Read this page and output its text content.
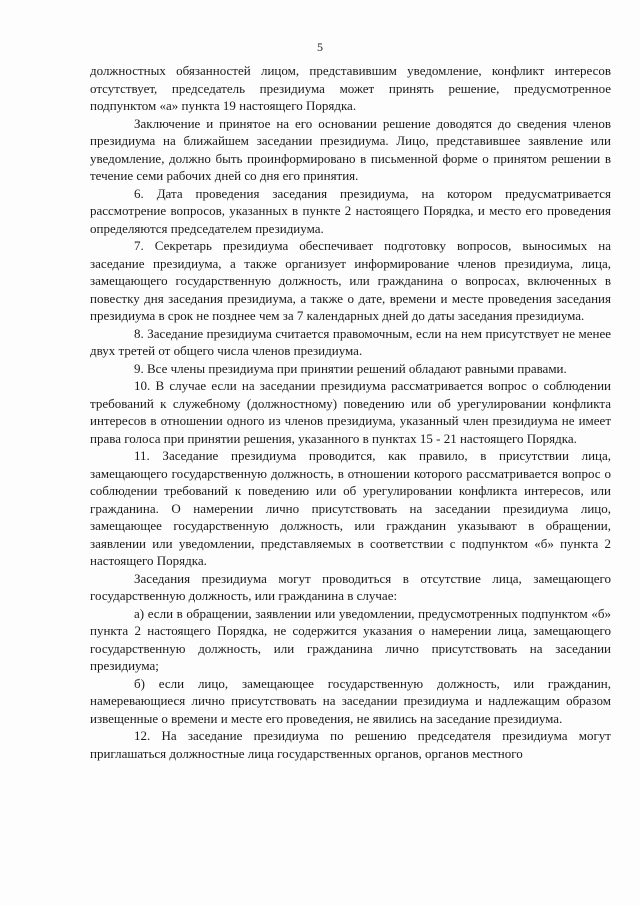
5

должностных обязанностей лицом, представившим уведомление, конфликт интересов отсутствует, председатель президиума может принять решение, предусмотренное подпунктом «а» пункта 19 настоящего Порядка.

Заключение и принятое на его основании решение доводятся до сведения членов президиума на ближайшем заседании президиума. Лицо, представившее заявление или уведомление, должно быть проинформировано в письменной форме о принятом решении в течение семи рабочих дней со дня его принятия.

6. Дата проведения заседания президиума, на котором предусматривается рассмотрение вопросов, указанных в пункте 2 настоящего Порядка, и место его проведения определяются председателем президиума.

7. Секретарь президиума обеспечивает подготовку вопросов, выносимых на заседание президиума, а также организует информирование членов президиума, лица, замещающего государственную должность, или гражданина о вопросах, включенных в повестку дня заседания президиума, а также о дате, времени и месте проведения заседания президиума в срок не позднее чем за 7 календарных дней до даты заседания президиума.

8. Заседание президиума считается правомочным, если на нем присутствует не менее двух третей от общего числа членов президиума.

9. Все члены президиума при принятии решений обладают равными правами.

10. В случае если на заседании президиума рассматривается вопрос о соблюдении требований к служебному (должностному) поведению или об урегулировании конфликта интересов в отношении одного из членов президиума, указанный член президиума не имеет права голоса при принятии решения, указанного в пунктах 15 - 21 настоящего Порядка.

11. Заседание президиума проводится, как правило, в присутствии лица, замещающего государственную должность, в отношении которого рассматривается вопрос о соблюдении требований к поведению или об урегулировании конфликта интересов, или гражданина. О намерении лично присутствовать на заседании президиума лицо, замещающее государственную должность, или гражданин указывают в обращении, заявлении или уведомлении, представляемых в соответствии с подпунктом «б» пункта 2 настоящего Порядка.

Заседания президиума могут проводиться в отсутствие лица, замещающего государственную должность, или гражданина в случае:

а) если в обращении, заявлении или уведомлении, предусмотренных подпунктом «б» пункта 2 настоящего Порядка, не содержится указания о намерении лица, замещающего государственную должность, или гражданина лично присутствовать на заседании президиума;

б) если лицо, замещающее государственную должность, или гражданин, намеревающиеся лично присутствовать на заседании президиума и надлежащим образом извещенные о времени и месте его проведения, не явились на заседание президиума.

12. На заседание президиума по решению председателя президиума могут приглашаться должностные лица государственных органов, органов местного
